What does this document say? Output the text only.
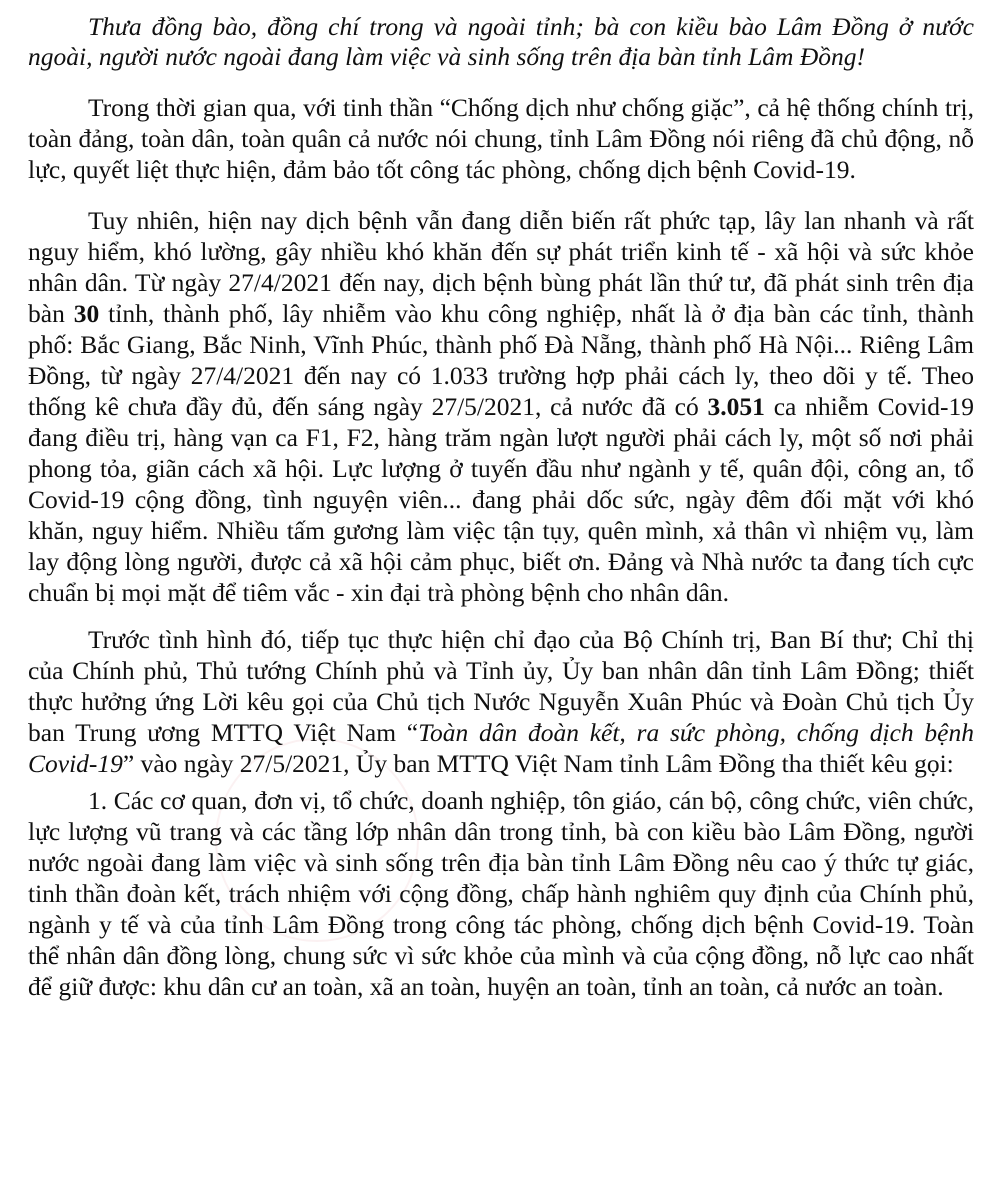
Thưa đồng bào, đồng chí trong và ngoài tỉnh; bà con kiều bào Lâm Đồng ở nước ngoài, người nước ngoài đang làm việc và sinh sống trên địa bàn tỉnh Lâm Đồng!

Trong thời gian qua, với tinh thần “Chống dịch như chống giặc”, cả hệ thống chính trị, toàn đảng, toàn dân, toàn quân cả nước nói chung, tỉnh Lâm Đồng nói riêng đã chủ động, nỗ lực, quyết liệt thực hiện, đảm bảo tốt công tác phòng, chống dịch bệnh Covid-19.

Tuy nhiên, hiện nay dịch bệnh vẫn đang diễn biến rất phức tạp, lây lan nhanh và rất nguy hiểm, khó lường, gây nhiều khó khăn đến sự phát triển kinh tế - xã hội và sức khỏe nhân dân. Từ ngày 27/4/2021 đến nay, dịch bệnh bùng phát lần thứ tư, đã phát sinh trên địa bàn 30 tỉnh, thành phố, lây nhiễm vào khu công nghiệp, nhất là ở địa bàn các tỉnh, thành phố: Bắc Giang, Bắc Ninh, Vĩnh Phúc, thành phố Đà Nẵng, thành phố Hà Nội... Riêng Lâm Đồng, từ ngày 27/4/2021 đến nay có 1.033 trường hợp phải cách ly, theo dõi y tế. Theo thống kê chưa đầy đủ, đến sáng ngày 27/5/2021, cả nước đã có 3.051 ca nhiễm Covid-19 đang điều trị, hàng vạn ca F1, F2, hàng trăm ngàn lượt người phải cách ly, một số nơi phải phong tỏa, giãn cách xã hội. Lực lượng ở tuyến đầu như ngành y tế, quân đội, công an, tổ Covid-19 cộng đồng, tình nguyện viên... đang phải dốc sức, ngày đêm đối mặt với khó khăn, nguy hiểm. Nhiều tấm gương làm việc tận tụy, quên mình, xả thân vì nhiệm vụ, làm lay động lòng người, được cả xã hội cảm phục, biết ơn. Đảng và Nhà nước ta đang tích cực chuẩn bị mọi mặt để tiêm vắc - xin đại trà phòng bệnh cho nhân dân.

Trước tình hình đó, tiếp tục thực hiện chỉ đạo của Bộ Chính trị, Ban Bí thư; Chỉ thị của Chính phủ, Thủ tướng Chính phủ và Tỉnh ủy, Ủy ban nhân dân tỉnh Lâm Đồng; thiết thực hưởng ứng Lời kêu gọi của Chủ tịch Nước Nguyễn Xuân Phúc và Đoàn Chủ tịch Ủy ban Trung ương MTTQ Việt Nam “Toàn dân đoàn kết, ra sức phòng, chống dịch bệnh Covid-19” vào ngày 27/5/2021, Ủy ban MTTQ Việt Nam tỉnh Lâm Đồng tha thiết kêu gọi:

1. Các cơ quan, đơn vị, tổ chức, doanh nghiệp, tôn giáo, cán bộ, công chức, viên chức, lực lượng vũ trang và các tầng lớp nhân dân trong tỉnh, bà con kiều bào Lâm Đồng, người nước ngoài đang làm việc và sinh sống trên địa bàn tỉnh Lâm Đồng nêu cao ý thức tự giác, tinh thần đoàn kết, trách nhiệm với cộng đồng, chấp hành nghiêm quy định của Chính phủ, ngành y tế và của tỉnh Lâm Đồng trong công tác phòng, chống dịch bệnh Covid-19. Toàn thể nhân dân đồng lòng, chung sức vì sức khỏe của mình và của cộng đồng, nỗ lực cao nhất để giữ được: khu dân cư an toàn, xã an toàn, huyện an toàn, tỉnh an toàn, cả nước an toàn.
